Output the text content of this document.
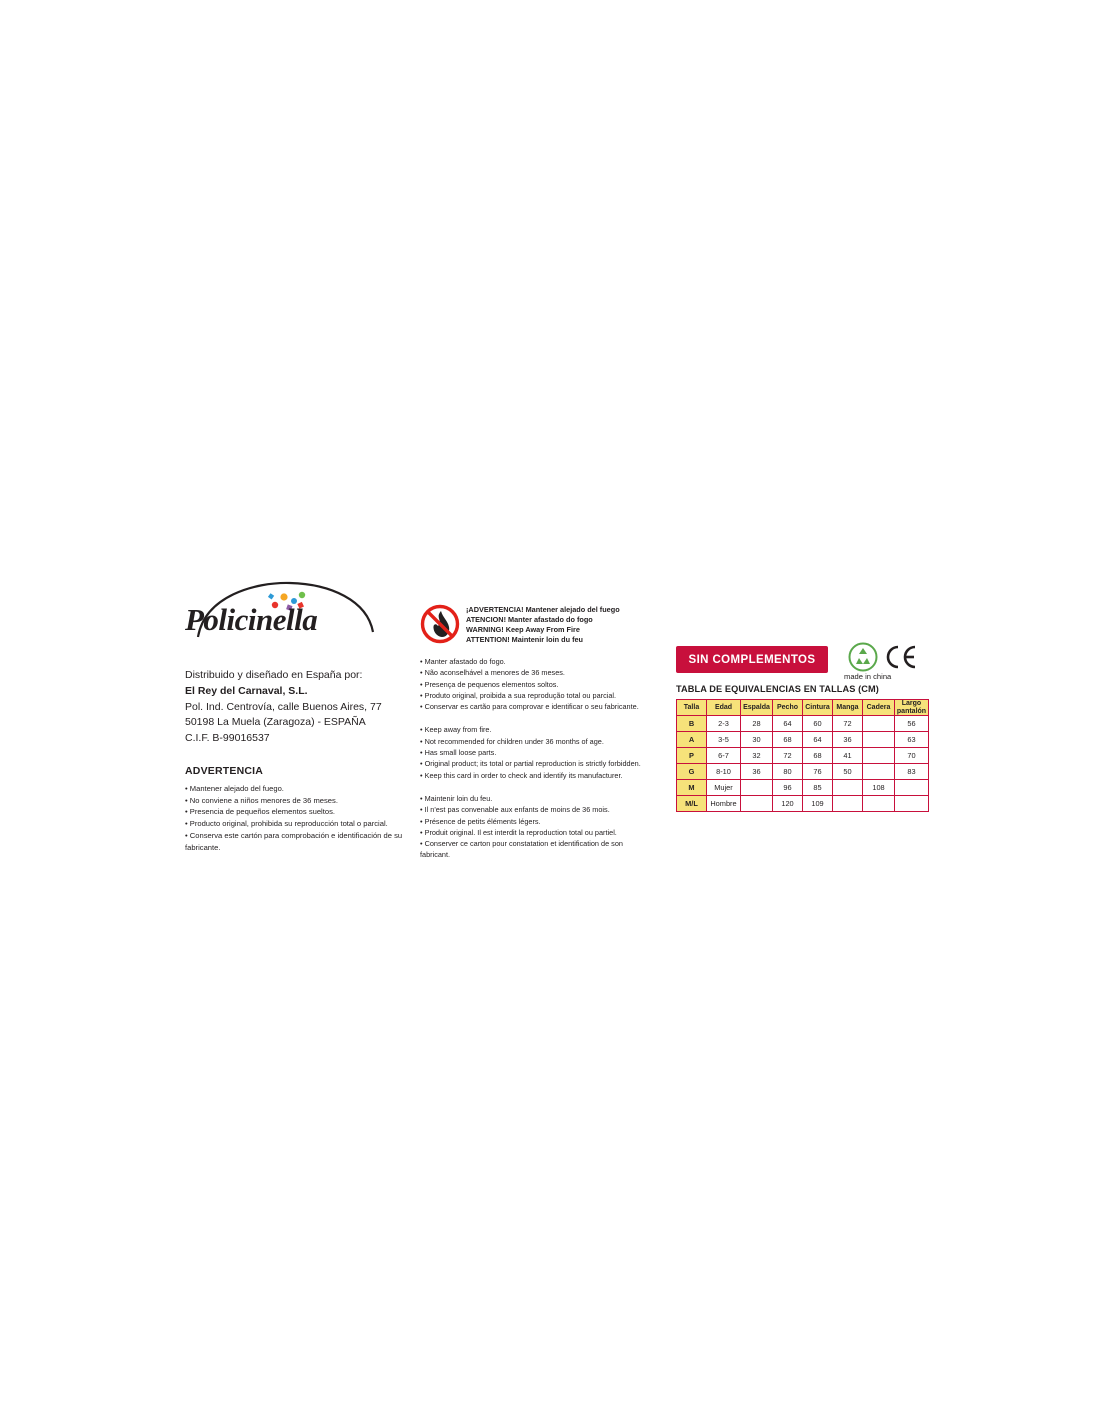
Policinella
Distribuido y diseñado en España por:
El Rey del Carnaval, S.L.
Pol. Ind. Centrovía, calle Buenos Aires, 77
50198 La Muela (Zaragoza) - ESPAÑA
C.I.F. B-99016537
ADVERTENCIA
• Mantener alejado del fuego.
• No conviene a niños menores de 36 meses.
• Presencia de pequeños elementos sueltos.
• Producto original, prohibida su reproducción total o parcial.
• Conserva este cartón para comprobación e identificación de su fabricante.
¡ADVERTENCIA! Mantener alejado del fuego
ATENCION! Manter afastado do fogo
WARNING! Keep Away From Fire
ATTENTION! Maintenir loin du feu
• Manter afastado do fogo.
• Não aconselhável a menores de 36 meses.
• Presença de pequenos elementos soltos.
• Produto original, proibida a sua reprodução total ou parcial.
• Conservar es cartão para comprovar e identificar o seu fabricante.
• Keep away from fire.
• Not recommended for children under 36 months of age.
• Has small loose parts.
• Original product; its total or partial reproduction is strictly forbidden.
• Keep this card in order to check and identify its manufacturer.
• Maintenir loin du feu.
• Il n'est pas convenable aux enfants de moins de 36 mois.
• Présence de petits éléments légers.
• Produit original. Il est interdit la reproduction total ou partiel.
• Conserver ce carton pour constatation et identification de son fabricant.
SIN COMPLEMENTOS
made in china
TABLA DE EQUIVALENCIAS EN TALLAS (CM)
Talla	Edad	Espalda	Pecho	Cintura	Manga	Cadera	Largo pantalón
B	2-3	28	64	60	72		56
A	3-5	30	68	64	36		63
P	6-7	32	72	68	41		70
G	8-10	36	80	76	50		83
M	Mujer		96	85		108	
M/L	Hombre		120	109			
